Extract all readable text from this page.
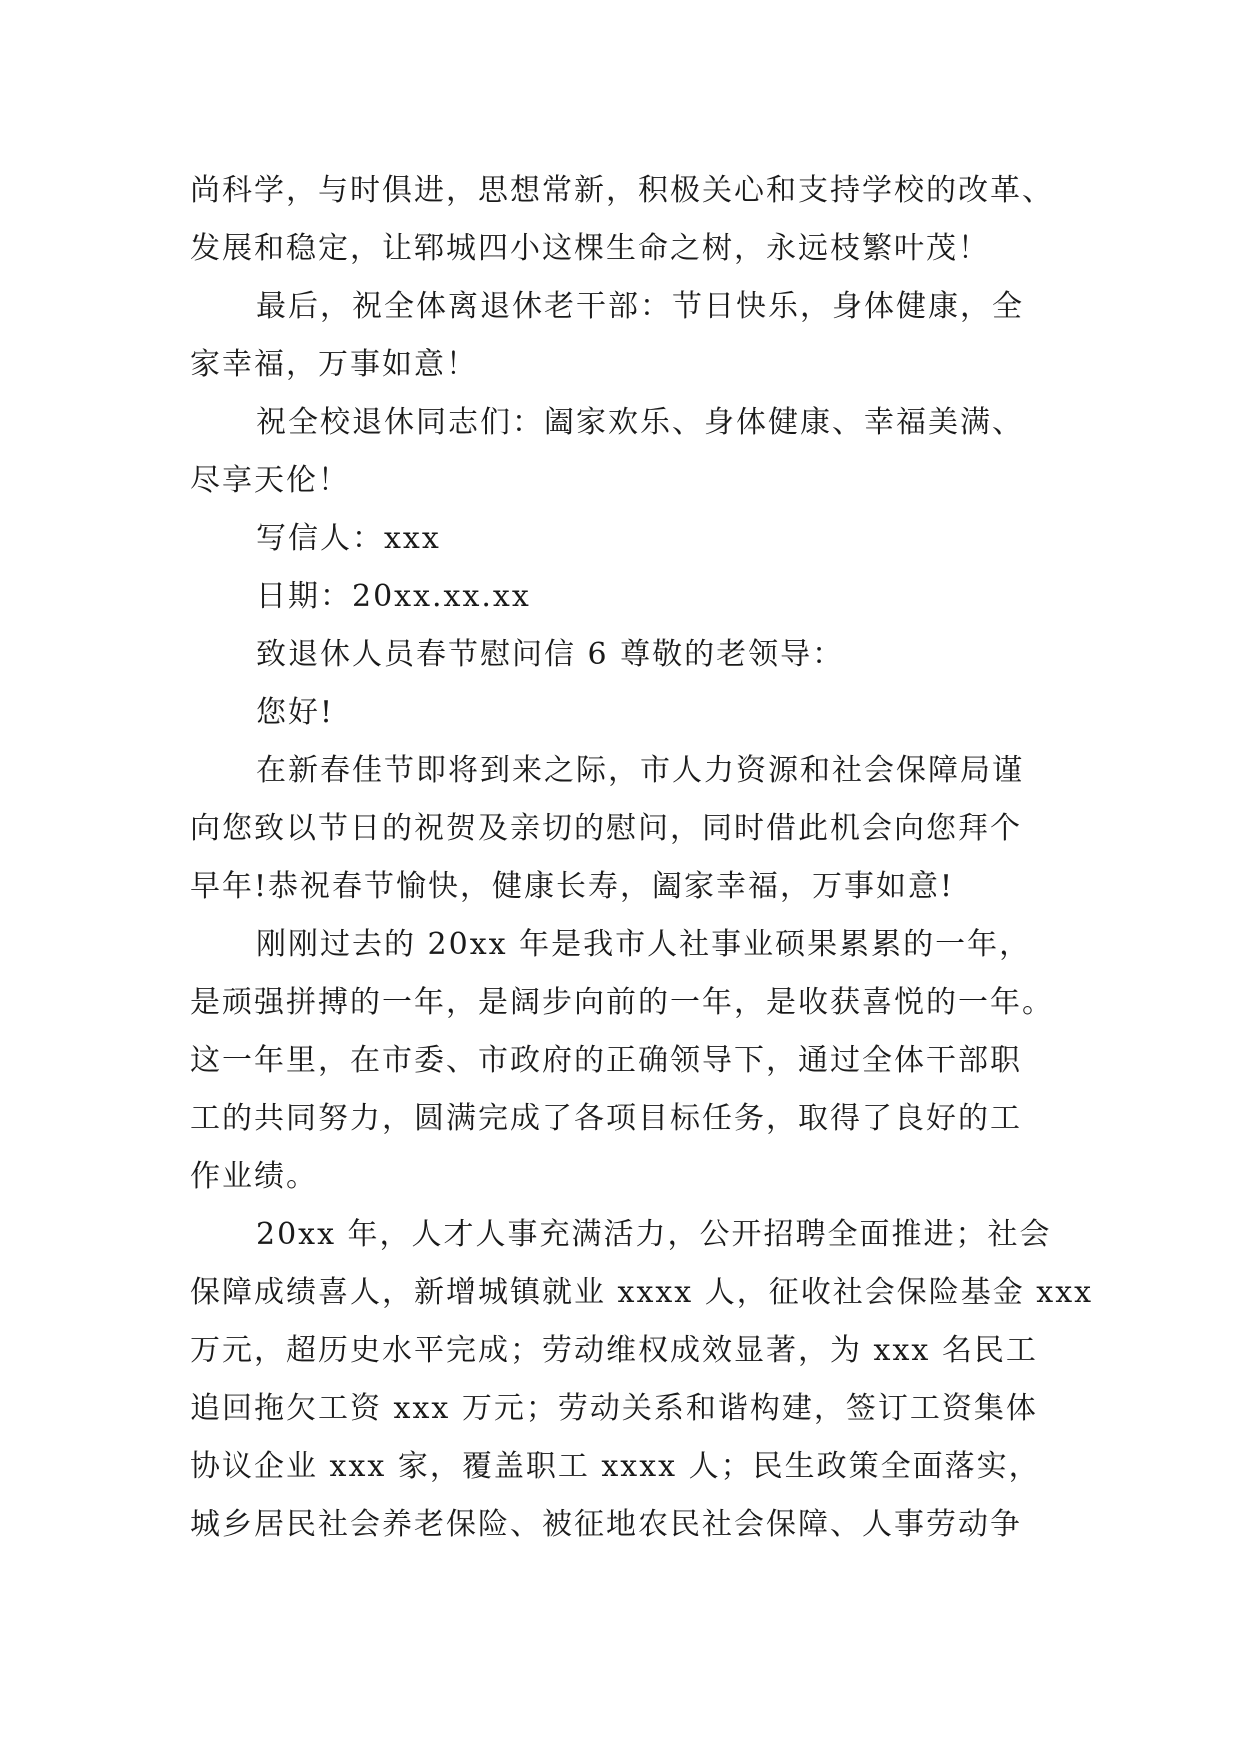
尚科学，与时俱进，思想常新，积极关心和支持学校的改革、
发展和稳定，让郓城四小这棵生命之树，永远枝繁叶茂！
最后，祝全体离退休老干部：节日快乐，身体健康，全
家幸福，万事如意！
祝全校退休同志们：阖家欢乐、身体健康、幸福美满、
尽享天伦！
写信人：xxx
日期：20xx.xx.xx
致退休人员春节慰问信 6 尊敬的老领导：
您好!
在新春佳节即将到来之际，市人力资源和社会保障局谨
向您致以节日的祝贺及亲切的慰问，同时借此机会向您拜个
早年!恭祝春节愉快，健康长寿，阖家幸福，万事如意!
刚刚过去的 20xx 年是我市人社事业硕果累累的一年，
是顽强拼搏的一年，是阔步向前的一年，是收获喜悦的一年。
这一年里，在市委、市政府的正确领导下，通过全体干部职
工的共同努力，圆满完成了各项目标任务，取得了良好的工
作业绩。
20xx 年，人才人事充满活力，公开招聘全面推进；社会
保障成绩喜人，新增城镇就业 xxxx 人，征收社会保险基金 xxx
万元，超历史水平完成；劳动维权成效显著，为 xxx 名民工
追回拖欠工资 xxx 万元；劳动关系和谐构建，签订工资集体
协议企业 xxx 家，覆盖职工 xxxx 人；民生政策全面落实，
城乡居民社会养老保险、被征地农民社会保障、人事劳动争
